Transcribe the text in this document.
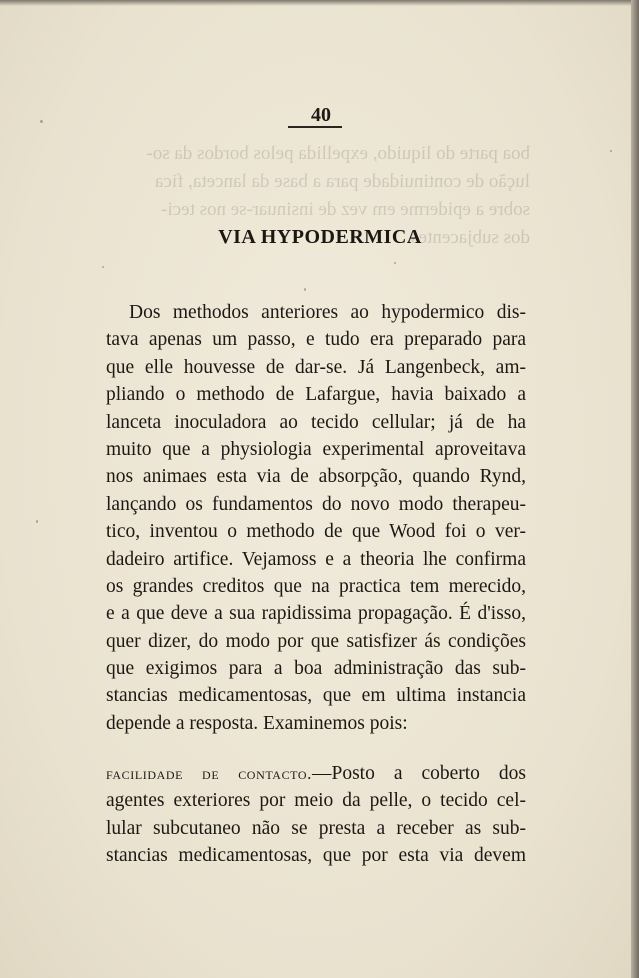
40
boa parte do liquido, expellida pelos bordos da so-
lução de continuidade para a base da lanceta, fica
sobre a epiderme em vez de insinuar-se nos teci-
dos subjacentes.
VIA HYPODERMICA
Dos methodos anteriores ao hypodermico dis-
tava apenas um passo, e tudo era preparado para
que elle houvesse de dar-se. Já Langenbeck, am-
pliando o methodo de Lafargue, havia baixado a
lanceta inoculadora ao tecido cellular; já de ha
muito que a physiologia experimental aproveitava
nos animaes esta via de absorpção, quando Rynd,
lançando os fundamentos do novo modo therapeu-
tico, inventou o methodo de que Wood foi o ver-
dadeiro artifice. Vejamoss e a theoria lhe confirma
os grandes creditos que na practica tem merecido,
e a que deve a sua rapidissima propagação. É d'isso,
quer dizer, do modo por que satisfizer ás condições
que exigimos para a boa administração das sub-
stancias medicamentosas, que em ultima instancia
depende a resposta. Examinemos pois:
facilidade de contacto.—Posto a coberto dos
agentes exteriores por meio da pelle, o tecido cel-
lular subcutaneo não se presta a receber as sub-
stancias medicamentosas, que por esta via devem
